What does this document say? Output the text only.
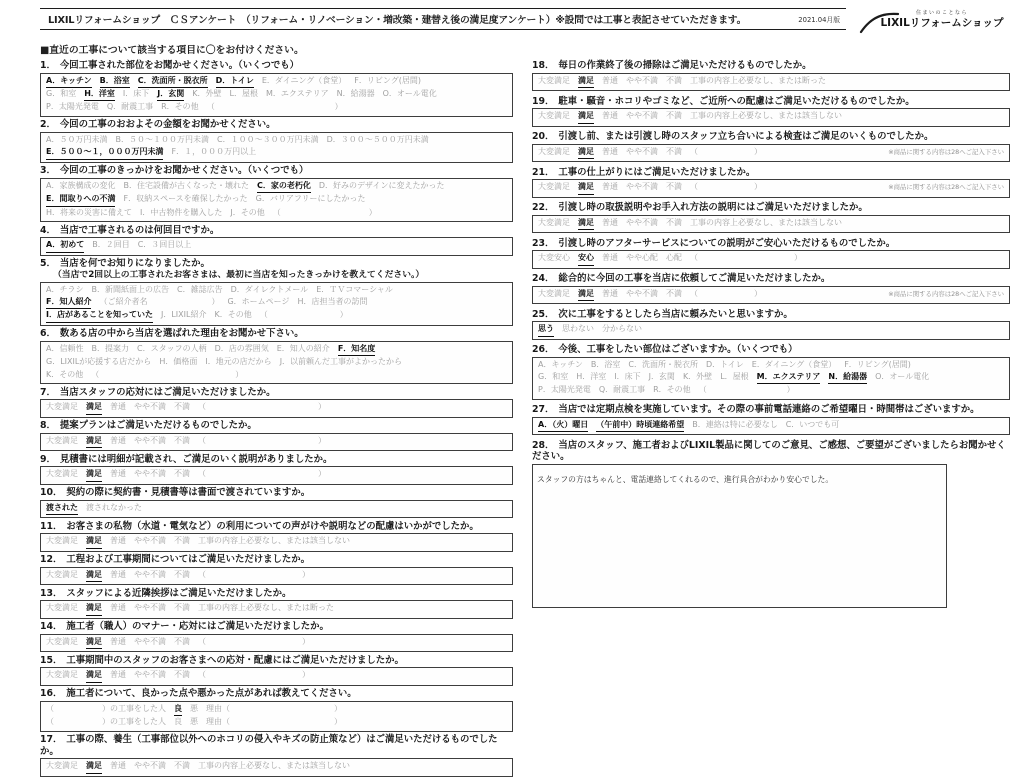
LIXILリフォームショップ　ＣＳアンケート　（リフォーム・リノベーション・増改築・建替え後の満足度アンケート）※設問では工事と表記させていただきます。	2021.04月版
住まいのことなら
LIXILリフォームショップ
■直近の工事について該当する項目に〇をお付けください。
1． 今回工事された部位をお聞かせください。（いくつでも）
A．キッチン B．浴室 C．洗面所・脱衣所 D．トイレ E．ダイニング（食堂） F．リビング(居間)
G．和室 H．洋室 I．床下 J．玄関 K．外壁 L．屋根 M．エクステリア N．給湯器 O．オール電化
P．太陽光発電 Q．耐震工事 R．その他 （　　　　　　　　　　　　　　　）
2． 今回の工事のおおよその金額をお聞かせください。
A．５０万円未満 B．５０～１００万円未満 C．１００～３００万円未満 D．３００～５００万円未満
E．５００～１，０００万円未満 F．１，０００万円以上
3． 今回の工事のきっかけをお聞かせください。（いくつでも）
A．家族構成の変化 B．住宅設備が古くなった・壊れた C．家の老朽化 D．好みのデザインに変えたかった
E．間取りへの不満 F．収納スペースを確保したかった G．バリアフリーにしたかった
H．将来の災害に備えて I．中古物件を購入した J．その他 （　　　　　　　　　　　）
4． 当店で工事されるのは何回目ですか。
A．初めて B．２回目 C．３回目以上
5． 当店を何でお知りになりましたか。
（当店で2回以上の工事されたお客さまは、最初に当店を知ったきっかけを教えてください。）
A．チラシ B．新聞紙面上の広告 C．雑誌広告 D．ダイレクトメール E．ＴＶコマーシャル
F．知人紹介 （ご紹介者名　　　　　　　　） G．ホームページ H．店担当者の訪問
I．店があることを知っていた J．LIXIL紹介 K．その他 （　　　　　　　　　）
6． 数ある店の中から当店を選ばれた理由をお聞かせ下さい。
A．信頼性 B．提案力 C．スタッフの人柄 D．店の雰囲気 E．知人の紹介 F．知名度
G．LIXILが応援する店だから H．価格面 I．地元の店だから J．以前頼んだ工事がよかったから
K．その他 （　　　　　　　　　　　　　　　　　）
7． 当店スタッフの応対にはご満足いただけましたか。
大変満足 満足 普通 やや不満 不満 （　　　　　　　　　　　　　　）
8． 提案プランはご満足いただけるものでしたか。
大変満足 満足 普通 やや不満 不満 （　　　　　　　　　　　　　　）
9． 見積書には明細が記載され、ご満足のいく説明がありましたか。
大変満足 満足 普通 やや不満 不満 （　　　　　　　　　　　　　　）
10． 契約の際に契約書・見積書等は書面で渡されていますか。
渡された 渡されなかった
11． お客さまの私物（水道・電気など）の利用についての声がけや説明などの配慮はいかがでしたか。
大変満足 満足 普通 やや不満 不満 工事の内容上必要なし、または該当しない
12． 工程および工事期間についてはご満足いただけましたか。
大変満足 満足 普通 やや不満 不満 （　　　　　　　　　　　　）
13． スタッフによる近隣挨拶はご満足いただけましたか。
大変満足 満足 普通 やや不満 不満 工事の内容上必要なし、または断った
14． 施工者（職人）のマナー・応対にはご満足いただけましたか。
大変満足 満足 普通 やや不満 不満 （　　　　　　　　　　　　）
15． 工事期間中のスタッフのお客さまへの応対・配慮にはご満足いただけましたか。
大変満足 満足 普通 やや不満 不満 （　　　　　　　　　　　　）
16． 施工者について、良かった点や悪かった点があれば教えてください。
（　　　　　　）の工事をした人 良 悪 理由（　　　　　　　　　　　　　）
（　　　　　　）の工事をした人 良 悪 理由（　　　　　　　　　　　　　）
17． 工事の際、養生（工事部位以外へのホコリの侵入やキズの防止策など）はご満足いただけるものでしたか。
大変満足 満足 普通 やや不満 不満 工事の内容上必要なし、または該当しない
18． 毎日の作業終了後の掃除はご満足いただけるものでしたか。
大変満足 満足 普通 やや不満 不満 工事の内容上必要なし、または断った
19． 駐車・騒音・ホコリやゴミなど、ご近所への配慮はご満足いただけるものでしたか。
大変満足 満足 普通 やや不満 不満 工事の内容上必要なし、または該当しない
20． 引渡し前、または引渡し時のスタッフ立ち合いによる検査はご満足のいくものでしたか。
大変満足 満足 普通 やや不満 不満 （　　　　　　　）	※商品に関する内容は28へご記入下さい
21． 工事の仕上がりにはご満足いただけましたか。
大変満足 満足 普通 やや不満 不満 （　　　　　　　）	※商品に関する内容は28へご記入下さい
22． 引渡し時の取扱説明やお手入れ方法の説明にはご満足いただけましたか。
大変満足 満足 普通 やや不満 不満 工事の内容上必要なし、または該当しない
23． 引渡し時のアフターサービスについての説明がご安心いただけるものでしたか。
大変安心 安心 普通 やや心配 心配 （　　　　　　　　　　　　）
24． 総合的に今回の工事を当店に依頼してご満足いただけましたか。
大変満足 満足 普通 やや不満 不満 （　　　　　　　）	※商品に関する内容は28へご記入下さい
25． 次に工事をするとしたら当店に頼みたいと思いますか。
思う 思わない 分からない
26． 今後、工事をしたい部位はございますか。（いくつでも）
A．キッチン B．浴室 C．洗面所・脱衣所 D．トイレ E．ダイニング（食堂） F．リビング(居間)
G．和室 H．洋室 I．床下 J．玄関 K．外壁 L．屋根 M．エクステリア N．給湯器 O．オール電化
P．太陽光発電 Q．耐震工事 R．その他 （　　　　　　　　　　）
27． 当店では定期点検を実施しています。その際の事前電話連絡のご希望曜日・時間帯はございますか。
A．（火）曜日 （午前中）時頃連絡希望 B．連絡は特に必要なし C．いつでも可
28． 当店のスタッフ、施工者およびLIXIL製品に関してのご意見、ご感想、ご要望がございましたらお聞かせください。
スタッフの方はちゃんと、電話連絡してくれるので、進行具合がわかり安心でした。
